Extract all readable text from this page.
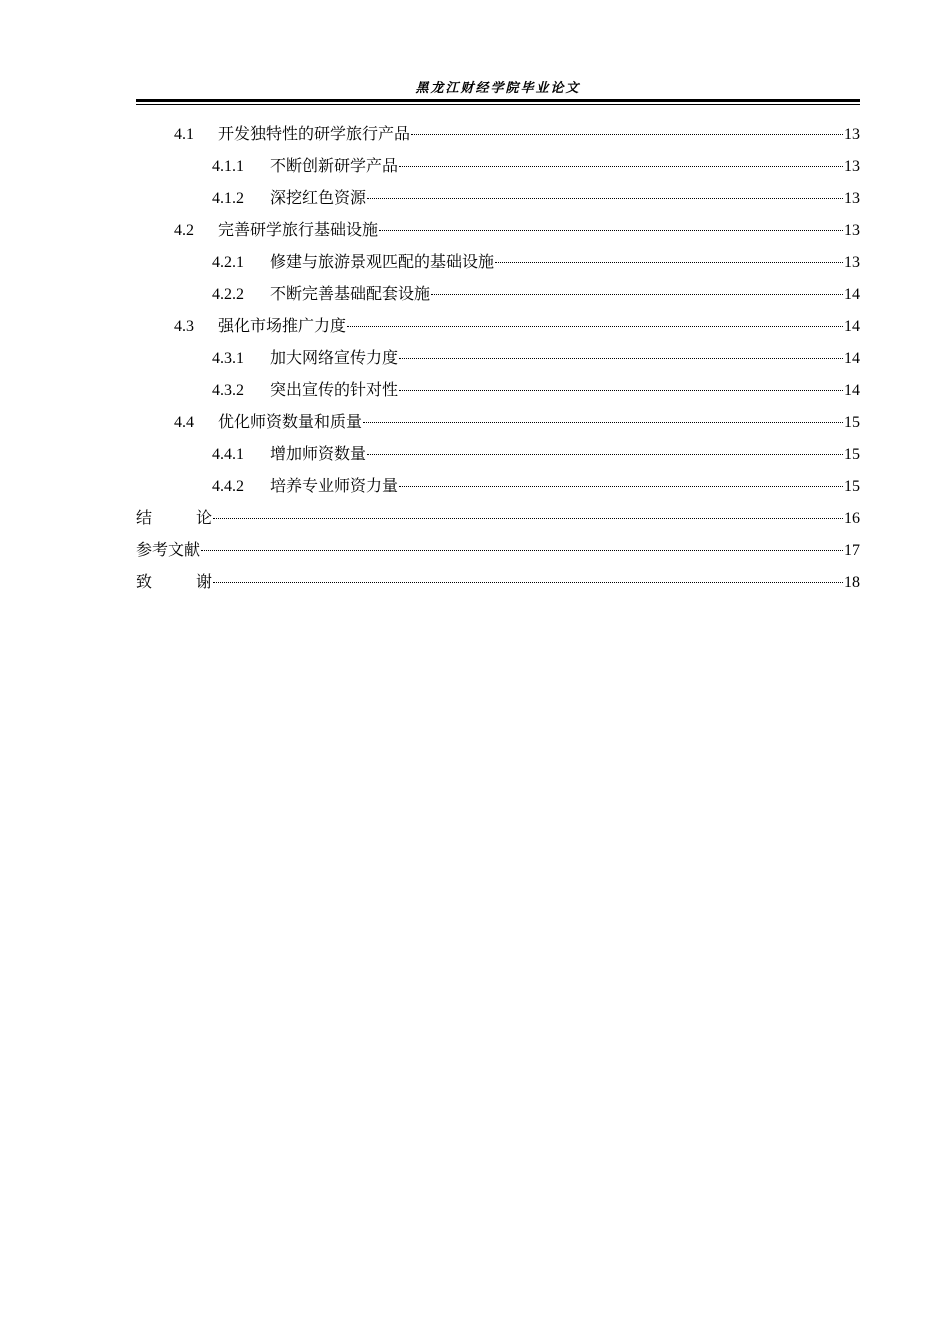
黑龙江财经学院毕业论文
4.1	开发独特性的研学旅行产品	13
4.1.1	不断创新研学产品	13
4.1.2	深挖红色资源	13
4.2	完善研学旅行基础设施	13
4.2.1	修建与旅游景观匹配的基础设施	13
4.2.2	不断完善基础配套设施	14
4.3	强化市场推广力度	14
4.3.1	加大网络宣传力度	14
4.3.2	突出宣传的针对性	14
4.4	优化师资数量和质量	15
4.4.1	增加师资数量	15
4.4.2	培养专业师资力量	15
结	论	16
参考文献	17
致	谢	18
